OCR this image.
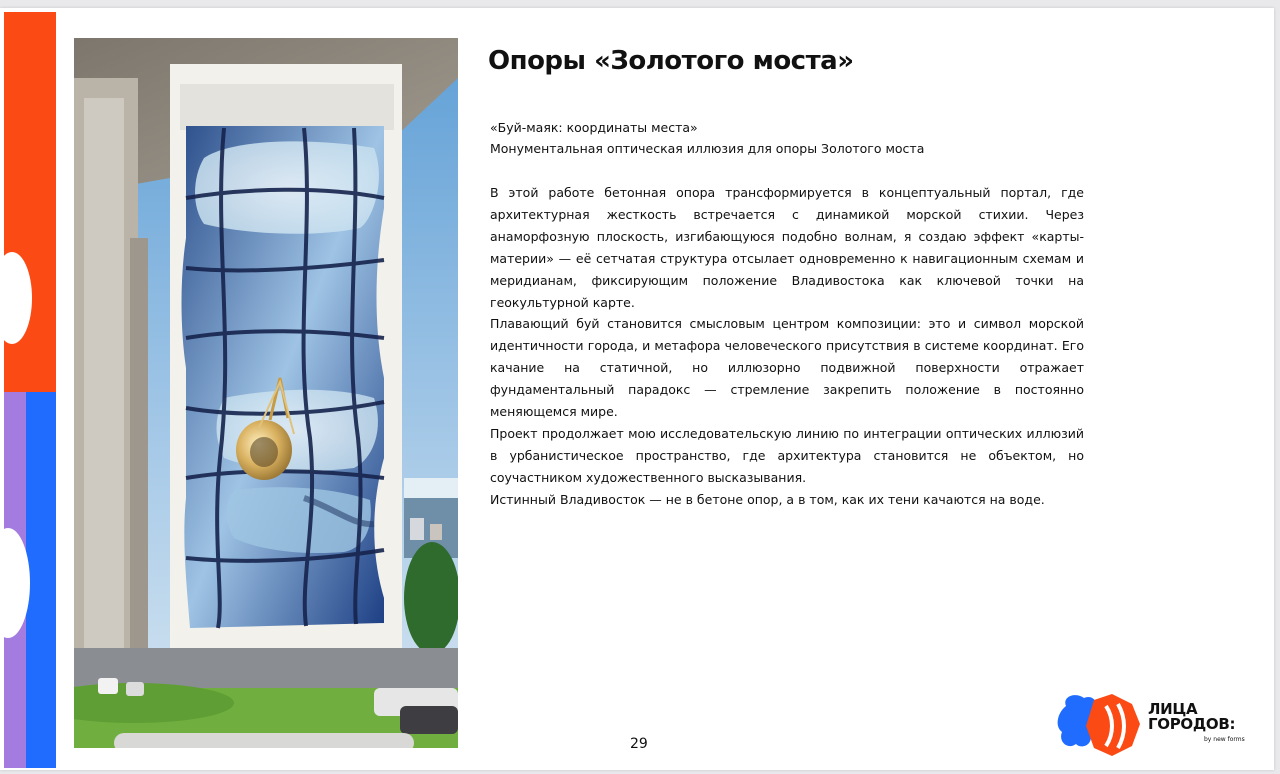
Опоры «Золотого моста»
«Буй-маяк: координаты места»
Монументальная оптическая иллюзия для опоры Золотого моста

В этой работе бетонная опора трансформируется в концептуальный портал, где архитектурная жесткость встречается с динамикой морской стихии. Через анаморфозную плоскость, изгибающуюся подобно волнам, я создаю эффект «карты-материи» — её сетчатая структура отсылает одновременно к навигационным схемам и меридианам, фиксирующим положение Владивостока как ключевой точки на геокультурной карте.

Плавающий буй становится смысловым центром композиции: это и символ морской идентичности города, и метафора человеческого присутствия в системе координат. Его качание на статичной, но иллюзорно подвижной поверхности отражает фундаментальный парадокс — стремление закрепить положение в постоянно меняющемся мире.

Проект продолжает мою исследовательскую линию по интеграции оптических иллюзий в урбанистическое пространство, где архитектура становится не объектом, но соучастником художественного высказывания.

Истинный Владивосток — не в бетоне опор, а в том, как их тени качаются на воде.

29
ЛИЦА
ГОРОДОВ:
by new forms
